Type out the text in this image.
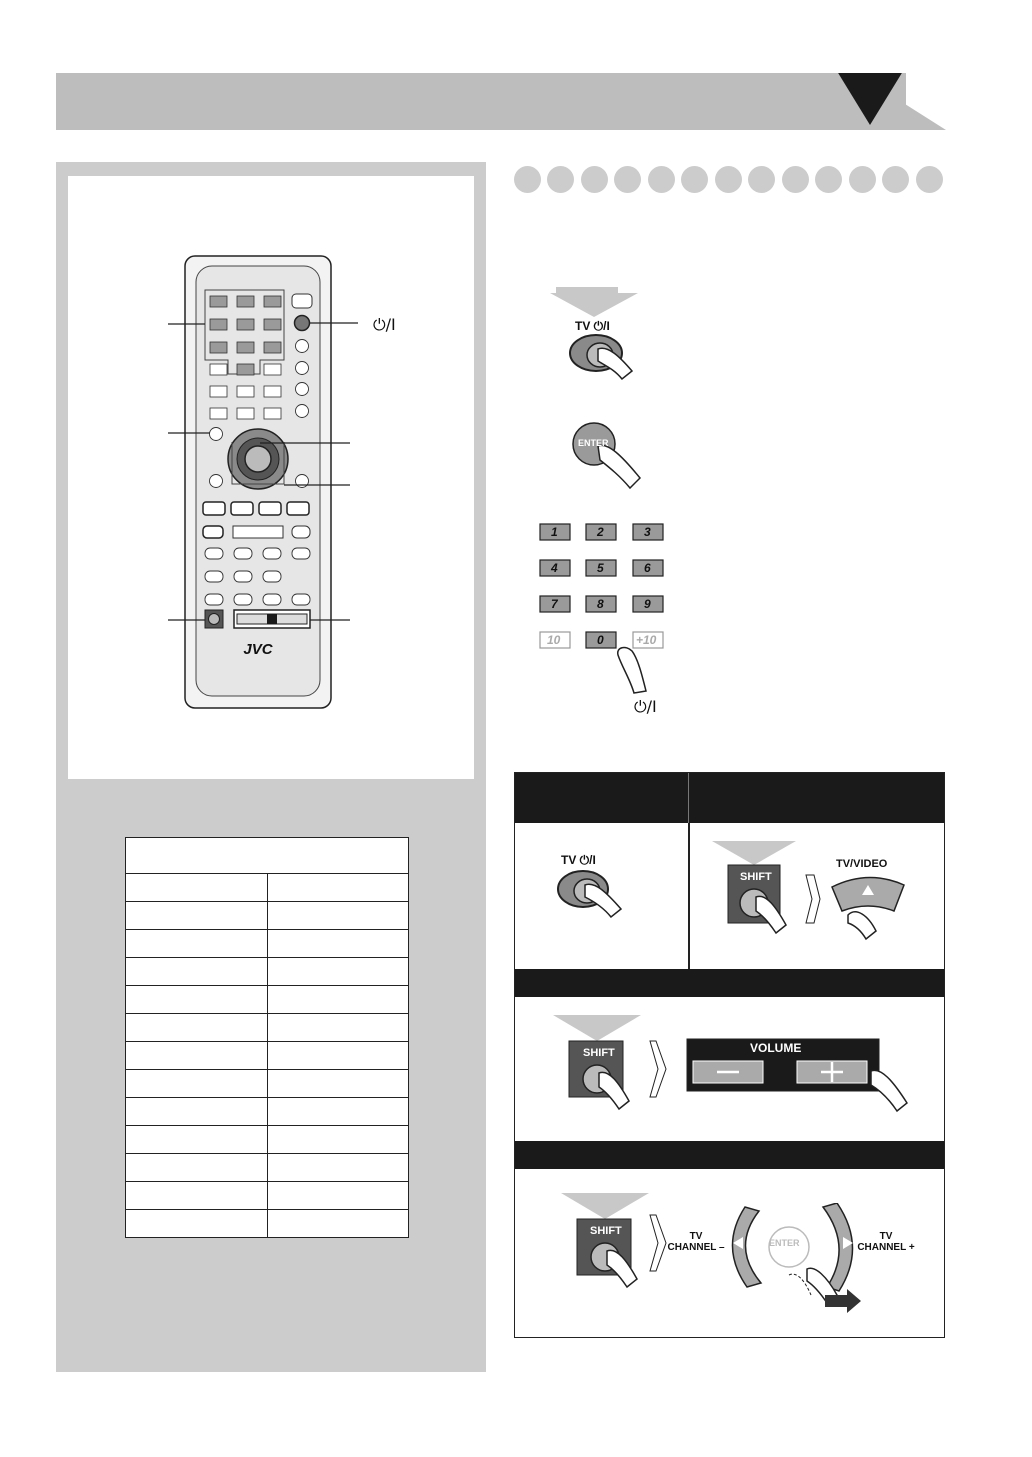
JVC
⏻/I

		TV ⏻/I
ENTER
1	2	3
4	5	6
7	8	9
10	0	+10
⏻/I
TV ⏻/I
SHIFT
TV/VIDEO
SHIFT	VOLUME
SHIFT
ENTER
TV CHANNEL –
TV CHANNEL +
